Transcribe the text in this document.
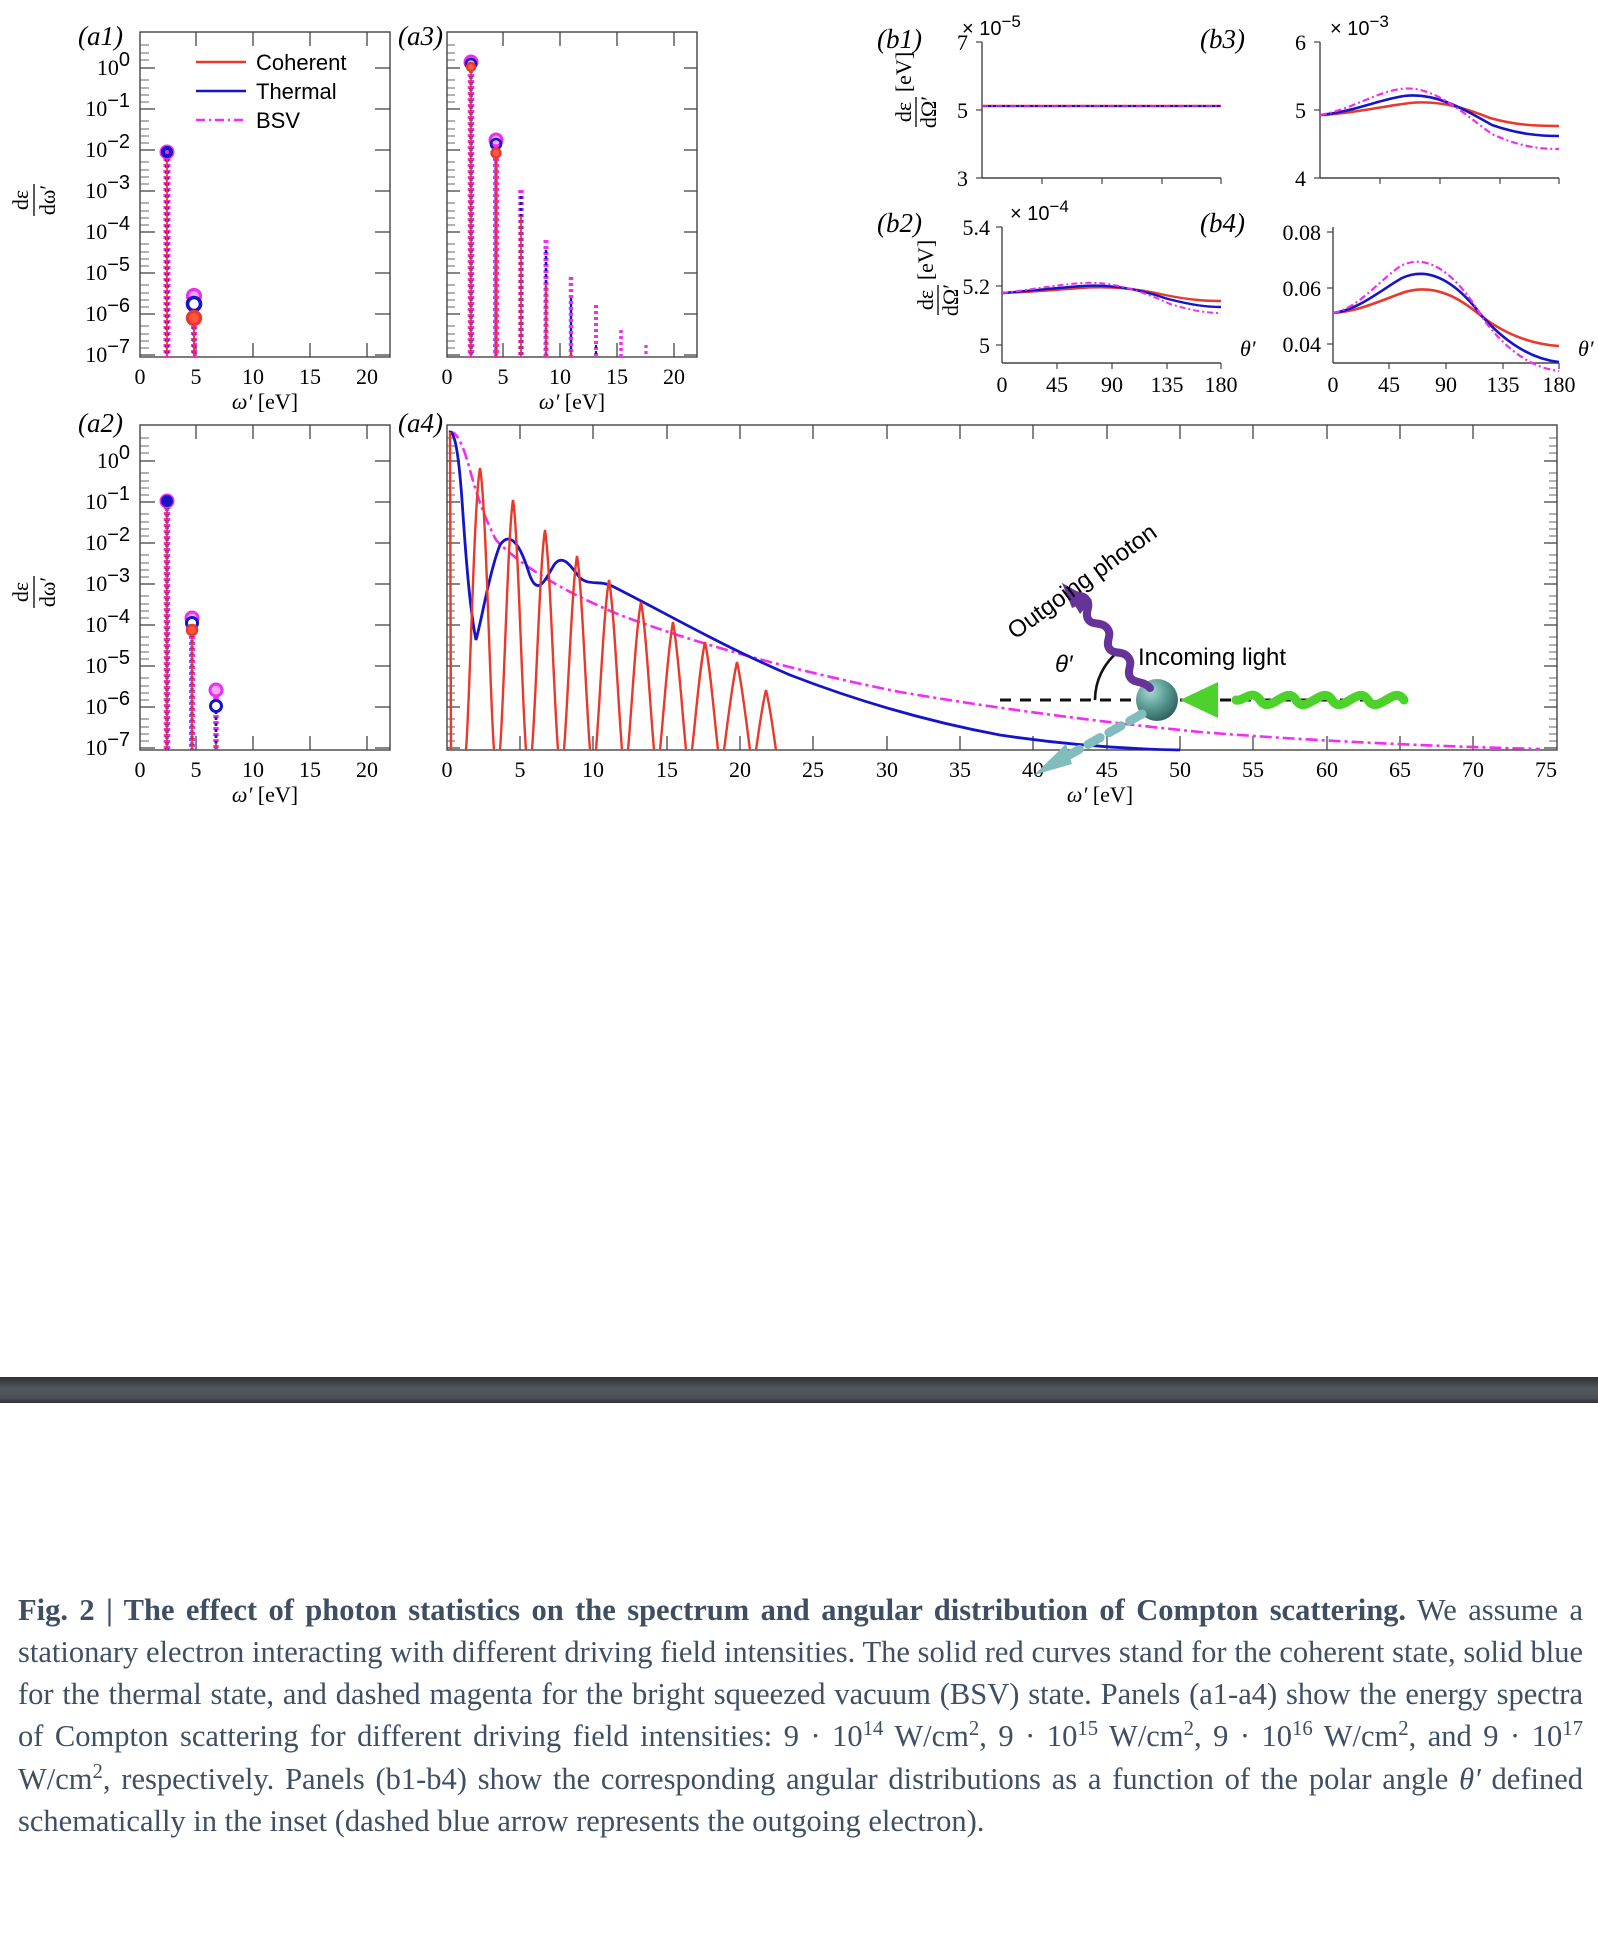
(a1)
100
10−1
10−2
10−3
10−4
10−5
10−6
10−7
0 5 10 15 20
ω′ [eV]
dε dω′
Coherent
Thermal
BSV
(a3)
0 5 10 15 20
ω′ [eV]
(a2)
100
10−1
10−2
10−3
10−4
10−5
10−6
10−7
0 5 10 15 20
ω′ [eV]
dε dω′
(a4)
0	5	10 15 20 25 30 35 40 45 50 55 60 65 70 75
ω′ [eV]
$(b1) \times 10^{-5}$
7
5
3
dε dΩ′
[eV]
(b3)	× $10^{-3}$
6
5
4
(b2)	× $10^{-4}$
5.4
5.2
5
dε dΩ′
[eV]
0 45 90 135 180
θ′
(b4) 0.08
0.06
0.04
0 45 90 135 180
θ′
θ′
Outgoing photon
Incoming light
Fig. 2 | The effect of photon statistics on the spectrum and angular distribution of Compton scattering. We assume a stationary electron interacting with different driving field intensities. The solid red curves stand for the coherent state, solid blue for the thermal state, and dashed magenta for the bright squeezed vacuum (BSV) state. Panels (a1-a4) show the energy spectra of Compton scattering for different driving field intensities: $9 \cdot 10^{14}$ $W/cm^2$, $9 \cdot 10^{15}$ $W/cm^2$, $9 \cdot 10^{16}$ $W/cm^2$, and $9 \cdot 10^{17}$ $W/cm^2$, respectively. Panels (b1-b4) show the corresponding angular distributions as a function of the polar angle θ′ defined schematically in the inset (dashed blue arrow represents the outgoing electron).
